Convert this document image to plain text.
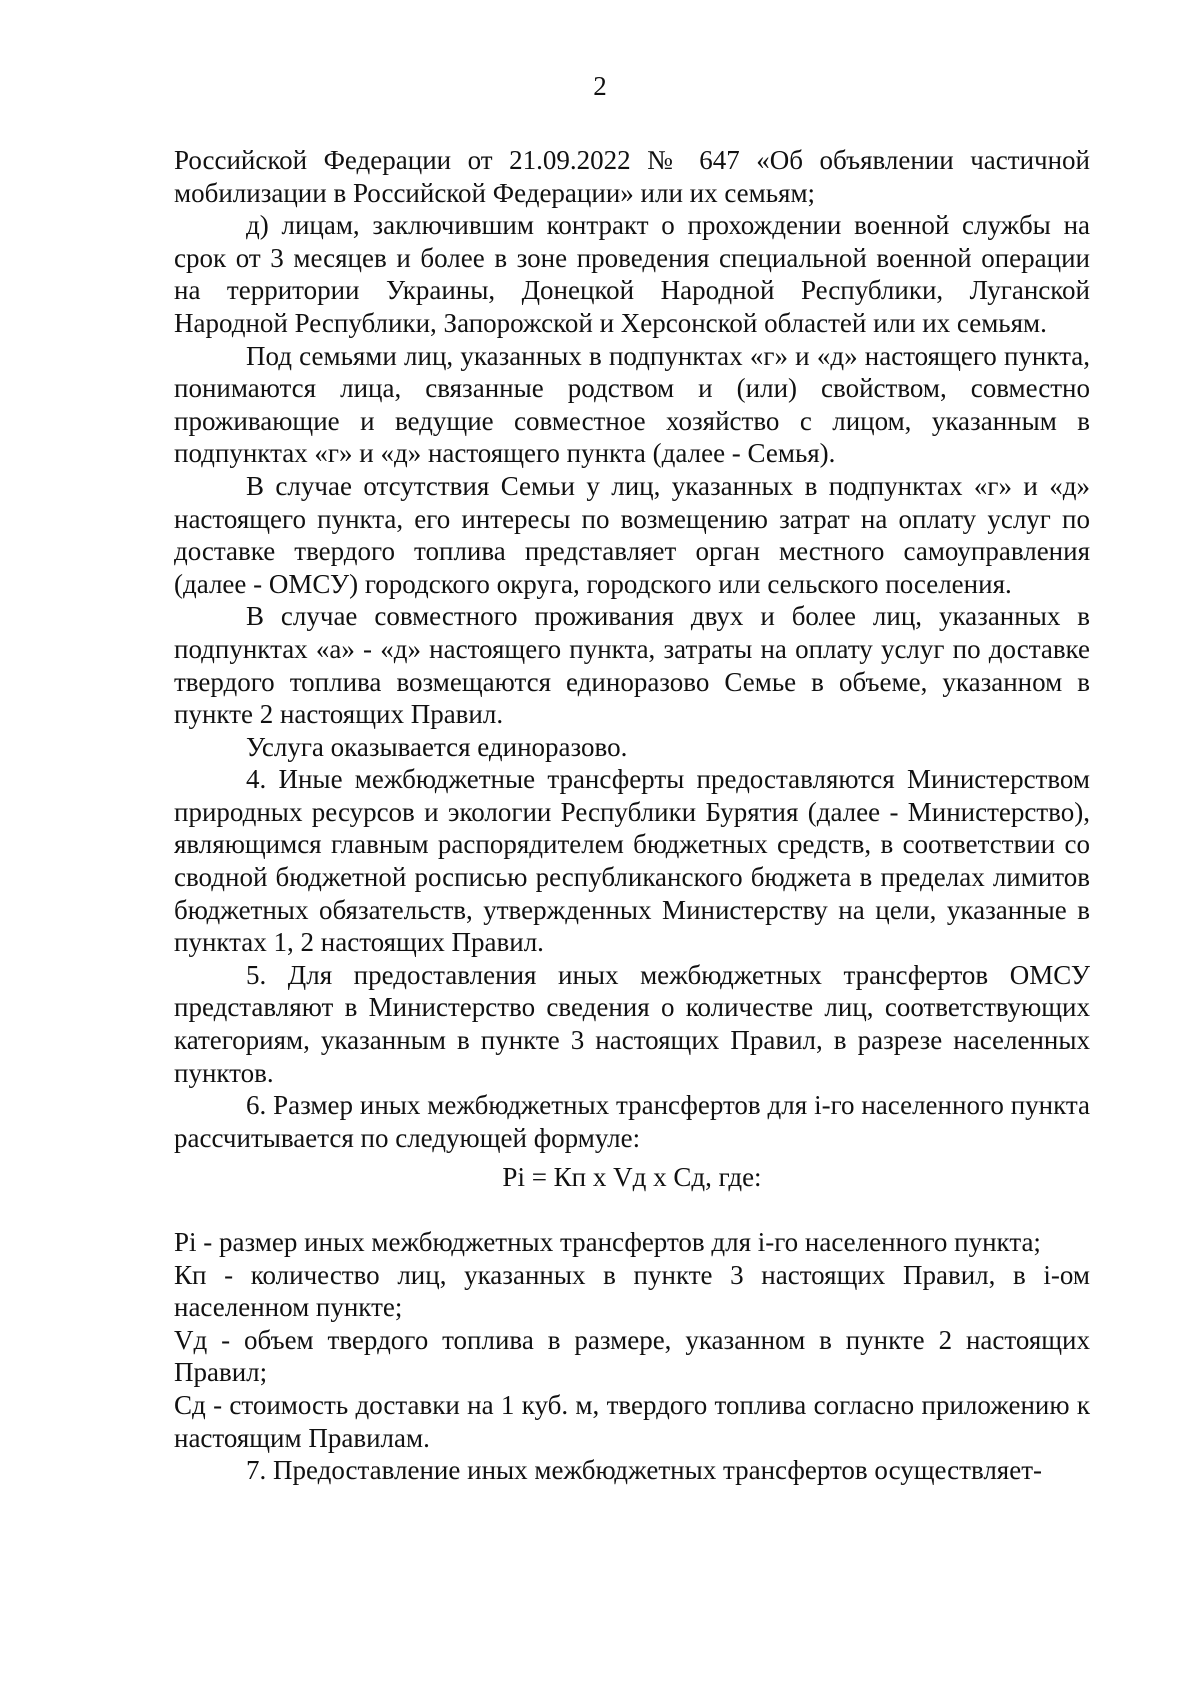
2

Российской Федерации от 21.09.2022 № 647 «Об объявлении частичной мобилизации в Российской Федерации» или их семьям;

д) лицам, заключившим контракт о прохождении военной службы на срок от 3 месяцев и более в зоне проведения специальной военной операции на территории Украины, Донецкой Народной Республики, Луганской Народной Республики, Запорожской и Херсонской областей или их семьям.

Под семьями лиц, указанных в подпунктах «г» и «д» настоящего пункта, понимаются лица, связанные родством и (или) свойством, совместно проживающие и ведущие совместное хозяйство с лицом, указанным в подпунктах «г» и «д» настоящего пункта (далее - Семья).

В случае отсутствия Семьи у лиц, указанных в подпунктах «г» и «д» настоящего пункта, его интересы по возмещению затрат на оплату услуг по доставке твердого топлива представляет орган местного самоуправления (далее - ОМСУ) городского округа, городского или сельского поселения.

В случае совместного проживания двух и более лиц, указанных в подпунктах «а» - «д» настоящего пункта, затраты на оплату услуг по доставке твердого топлива возмещаются единоразово Семье в объеме, указанном в пункте 2 настоящих Правил.

Услуга оказывается единоразово.

4. Иные межбюджетные трансферты предоставляются Министерством природных ресурсов и экологии Республики Бурятия (далее - Министерство), являющимся главным распорядителем бюджетных средств, в соответствии со сводной бюджетной росписью республиканского бюджета в пределах лимитов бюджетных обязательств, утвержденных Министерству на цели, указанные в пунктах 1, 2 настоящих Правил.

5. Для предоставления иных межбюджетных трансфертов ОМСУ представляют в Министерство сведения о количестве лиц, соответствующих категориям, указанным в пункте 3 настоящих Правил, в разрезе населенных пунктов.

6. Размер иных межбюджетных трансфертов для i-го населенного пункта рассчитывается по следующей формуле:

Pi = Кп х Vд х Сд, где:

Pi - размер иных межбюджетных трансфертов для i-го населенного пункта;

Кп - количество лиц, указанных в пункте 3 настоящих Правил, в i-ом населенном пункте;

Vд - объем твердого топлива в размере, указанном в пункте 2 настоящих Правил;

Сд - стоимость доставки на 1 куб. м, твердого топлива согласно приложению к настоящим Правилам.

7. Предоставление иных межбюджетных трансфертов осуществляет-
